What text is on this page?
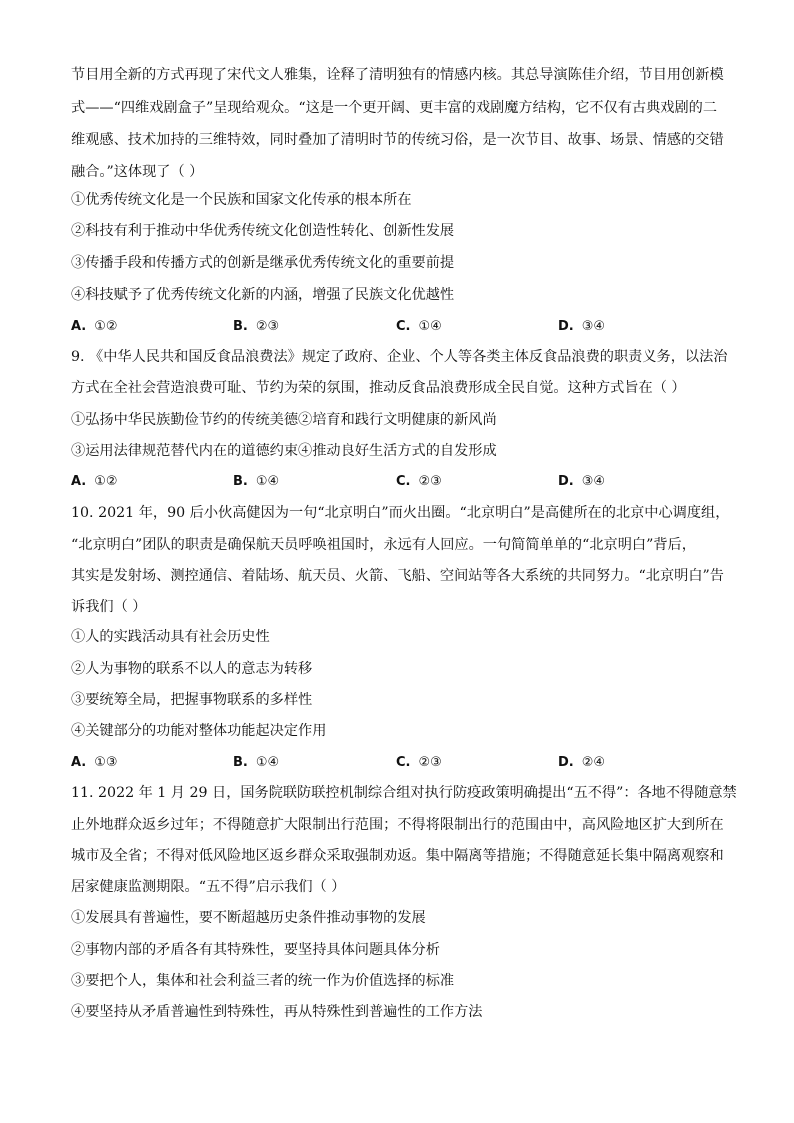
节目用全新的方式再现了宋代文人雅集，诠释了清明独有的情感内核。其总导演陈佳介绍，节目用创新模
式——“四维戏剧盒子”呈现给观众。“这是一个更开阔、更丰富的戏剧魔方结构，它不仅有古典戏剧的二
维观感、技术加持的三维特效，同时叠加了清明时节的传统习俗，是一次节目、故事、场景、情感的交错
融合。”这体现了（ ）
①优秀传统文化是一个民族和国家文化传承的根本所在
②科技有利于推动中华优秀传统文化创造性转化、创新性发展
③传播手段和传播方式的创新是继承优秀传统文化的重要前提
④科技赋予了优秀传统文化新的内涵，增强了民族文化优越性
A. ①②	B. ②③	C. ①④	D. ③④
9. 《中华人民共和国反食品浪费法》规定了政府、企业、个人等各类主体反食品浪费的职责义务，以法治
方式在全社会营造浪费可耻、节约为荣的氛围，推动反食品浪费形成全民自觉。这种方式旨在（ ）
①弘扬中华民族勤俭节约的传统美德②培育和践行文明健康的新风尚
③运用法律规范替代内在的道德约束④推动良好生活方式的自发形成
A. ①②	B. ①④	C. ②③	D. ③④
10. 2021 年，90 后小伙高健因为一句“北京明白”而火出圈。“北京明白”是高健所在的北京中心调度组，
“北京明白”团队的职责是确保航天员呼唤祖国时，永远有人回应。一句简简单单的“北京明白”背后，
其实是发射场、测控通信、着陆场、航天员、火箭、飞船、空间站等各大系统的共同努力。“北京明白”告
诉我们（ ）
①人的实践活动具有社会历史性
②人为事物的联系不以人的意志为转移
③要统筹全局，把握事物联系的多样性
④关键部分的功能对整体功能起决定作用
A. ①③	B. ①④	C. ②③	D. ②④
11. 2022 年 1 月 29 日，国务院联防联控机制综合组对执行防疫政策明确提出“五不得”：各地不得随意禁
止外地群众返乡过年；不得随意扩大限制出行范围；不得将限制出行的范围由中，高风险地区扩大到所在
城市及全省；不得对低风险地区返乡群众采取强制劝返。集中隔离等措施；不得随意延长集中隔离观察和
居家健康监测期限。“五不得”启示我们（ ）
①发展具有普遍性，要不断超越历史条件推动事物的发展
②事物内部的矛盾各有其特殊性，要坚持具体问题具体分析
③要把个人，集体和社会利益三者的统一作为价值选择的标准
④要坚持从矛盾普遍性到特殊性，再从特殊性到普遍性的工作方法
